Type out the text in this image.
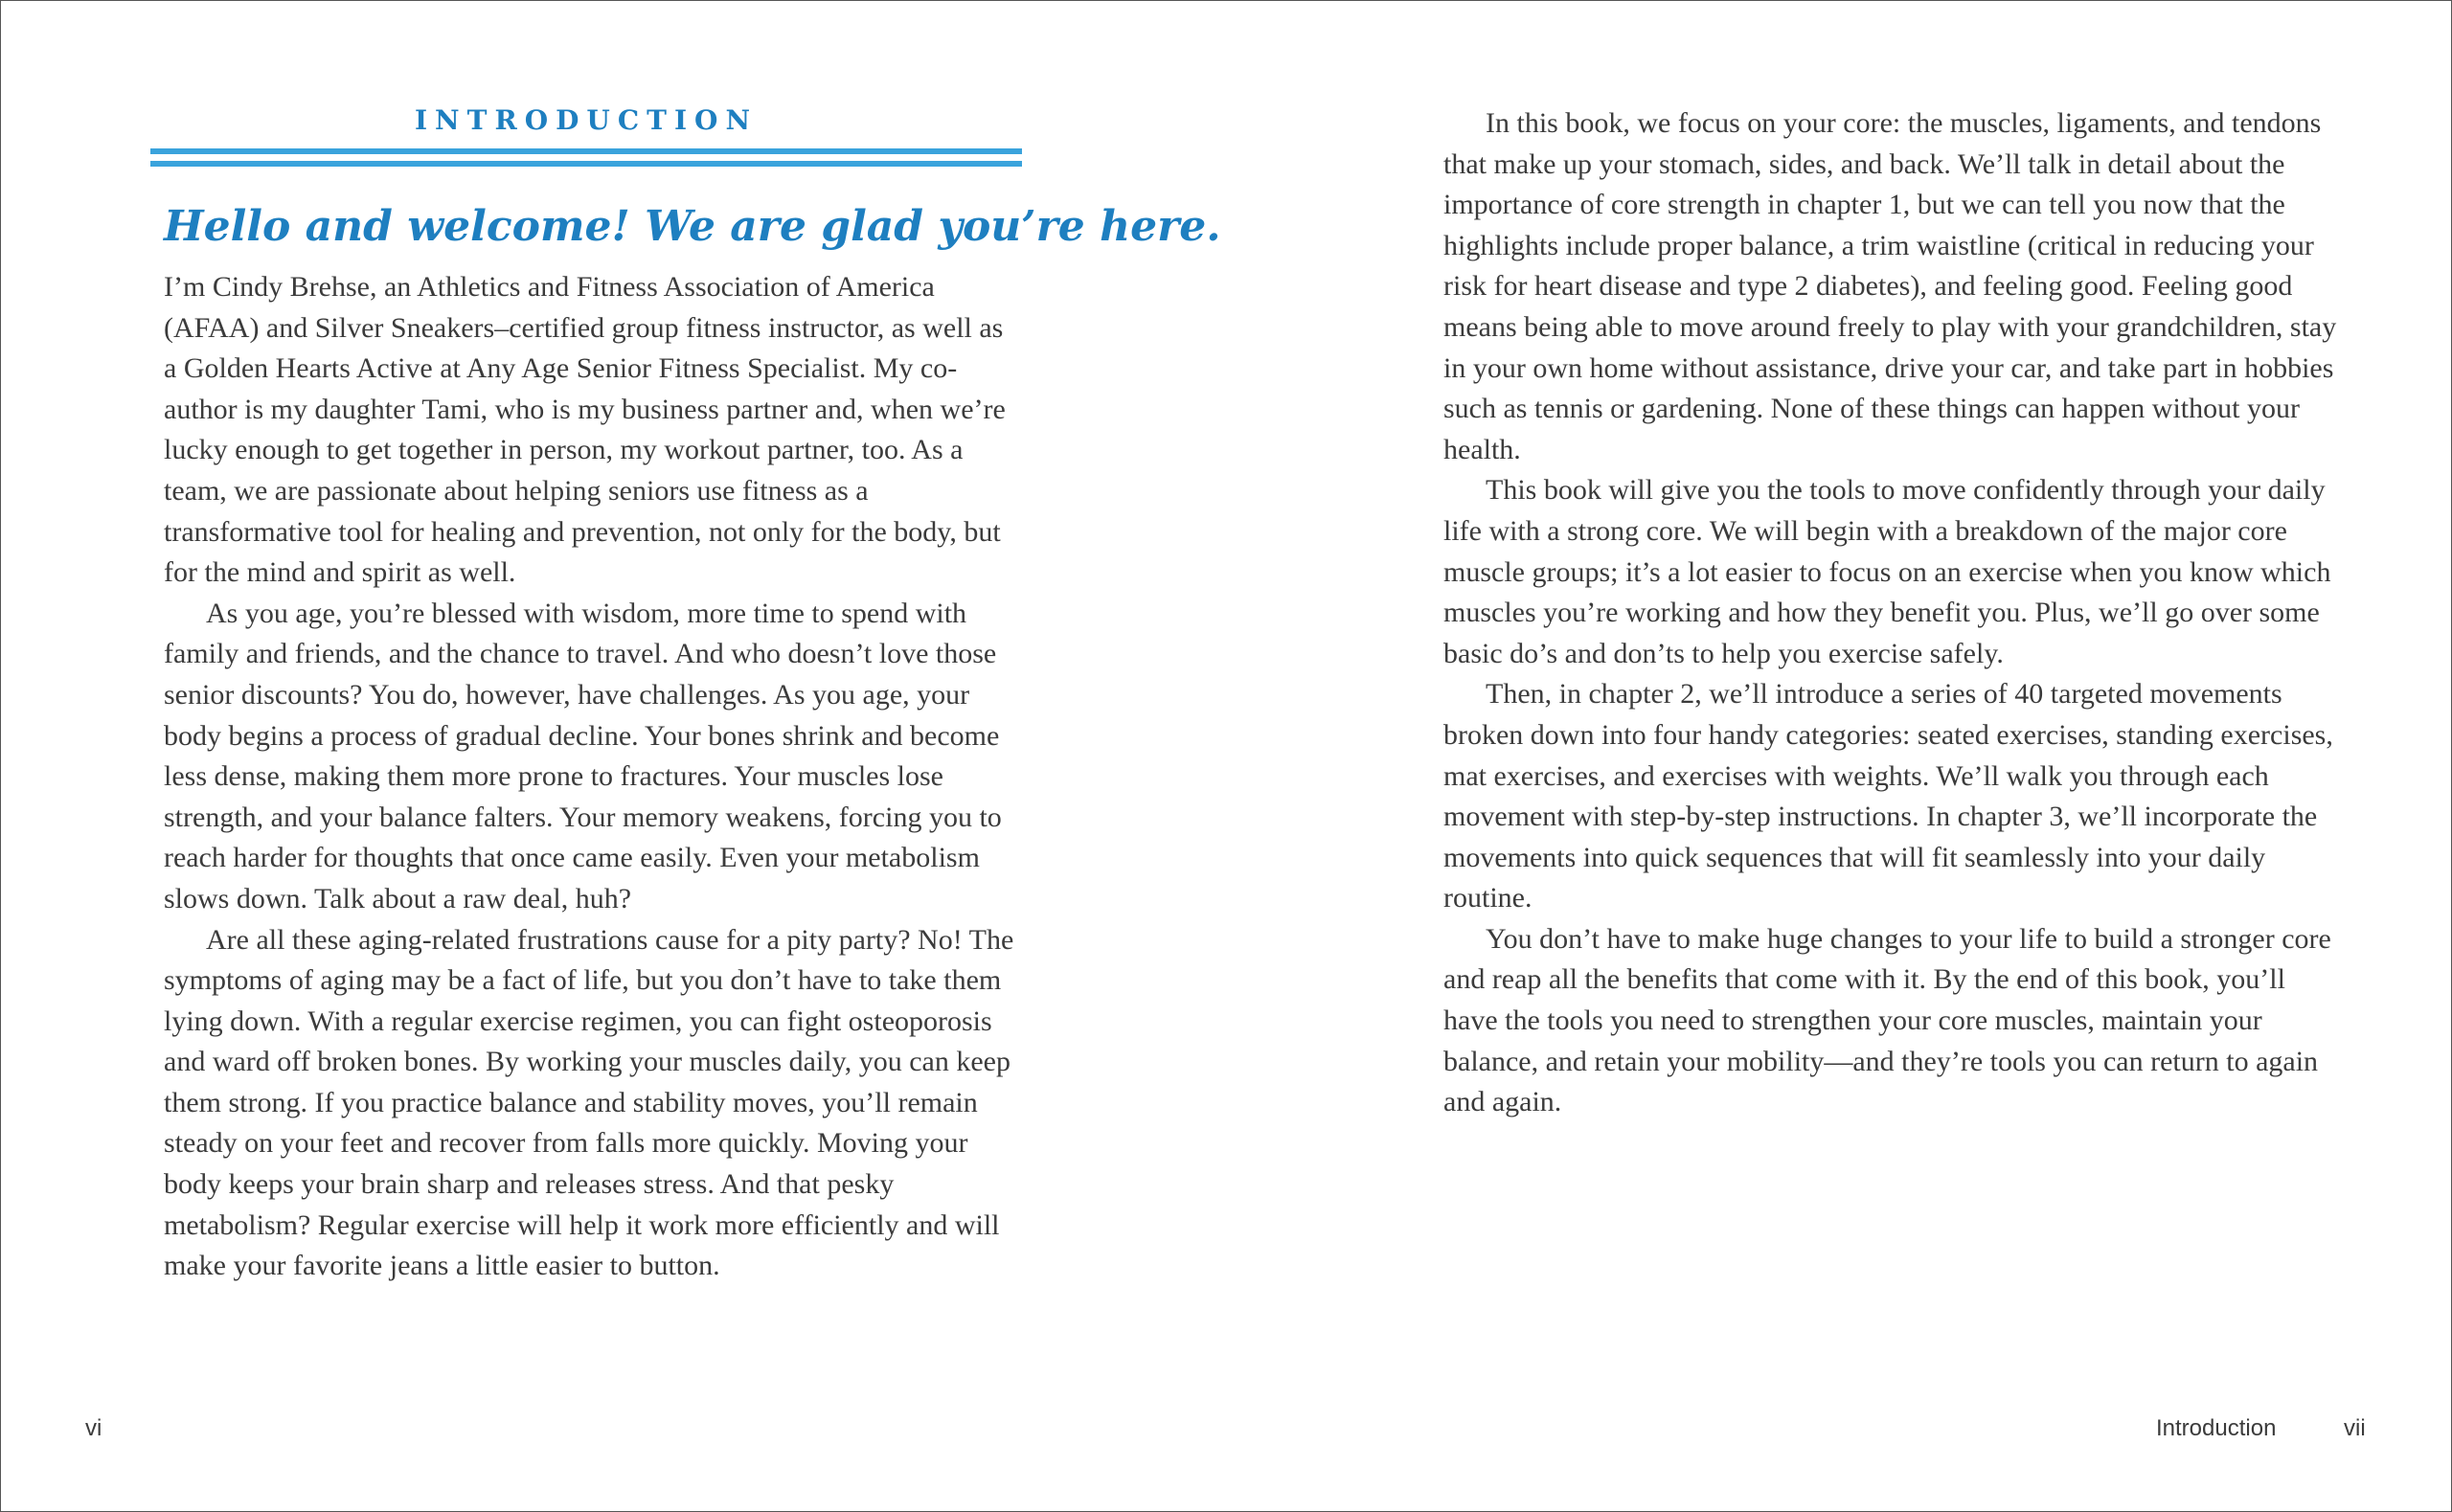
INTRODUCTION
Hello and welcome! We are glad you’re here.

I’m Cindy Brehse, an Athletics and Fitness Association of America (AFAA) and Silver Sneakers–certified group fitness instructor, as well as a Golden Hearts Active at Any Age Senior Fitness Specialist. My co-author is my daughter Tami, who is my business partner and, when we’re lucky enough to get together in person, my workout partner, too. As a team, we are passionate about helping seniors use fitness as a transformative tool for healing and prevention, not only for the body, but for the mind and spirit as well.

As you age, you’re blessed with wisdom, more time to spend with family and friends, and the chance to travel. And who doesn’t love those senior discounts? You do, however, have challenges. As you age, your body begins a process of gradual decline. Your bones shrink and become less dense, making them more prone to fractures. Your muscles lose strength, and your balance falters. Your memory weakens, forcing you to reach harder for thoughts that once came easily. Even your metabolism slows down. Talk about a raw deal, huh?

Are all these aging-related frustrations cause for a pity party? No! The symptoms of aging may be a fact of life, but you don’t have to take them lying down. With a regular exercise regimen, you can fight osteoporosis and ward off broken bones. By working your muscles daily, you can keep them strong. If you practice balance and stability moves, you’ll remain steady on your feet and recover from falls more quickly. Moving your body keeps your brain sharp and releases stress. And that pesky metabolism? Regular exercise will help it work more efficiently and will make your favorite jeans a little easier to button.

vi

In this book, we focus on your core: the muscles, ligaments, and tendons that make up your stomach, sides, and back. We’ll talk in detail about the importance of core strength in chapter 1, but we can tell you now that the highlights include proper balance, a trim waistline (critical in reducing your risk for heart disease and type 2 diabetes), and feeling good. Feeling good means being able to move around freely to play with your grandchildren, stay in your own home without assistance, drive your car, and take part in hobbies such as tennis or gardening. None of these things can happen without your health.

This book will give you the tools to move confidently through your daily life with a strong core. We will begin with a breakdown of the major core muscle groups; it’s a lot easier to focus on an exercise when you know which muscles you’re working and how they benefit you. Plus, we’ll go over some basic do’s and don’ts to help you exercise safely.

Then, in chapter 2, we’ll introduce a series of 40 targeted movements broken down into four handy categories: seated exercises, standing exercises, mat exercises, and exercises with weights. We’ll walk you through each movement with step-by-step instructions. In chapter 3, we’ll incorporate the movements into quick sequences that will fit seamlessly into your daily routine.

You don’t have to make huge changes to your life to build a stronger core and reap all the benefits that come with it. By the end of this book, you’ll have the tools you need to strengthen your core muscles, maintain your balance, and retain your mobility—and they’re tools you can return to again and again.

Introduction	vii
